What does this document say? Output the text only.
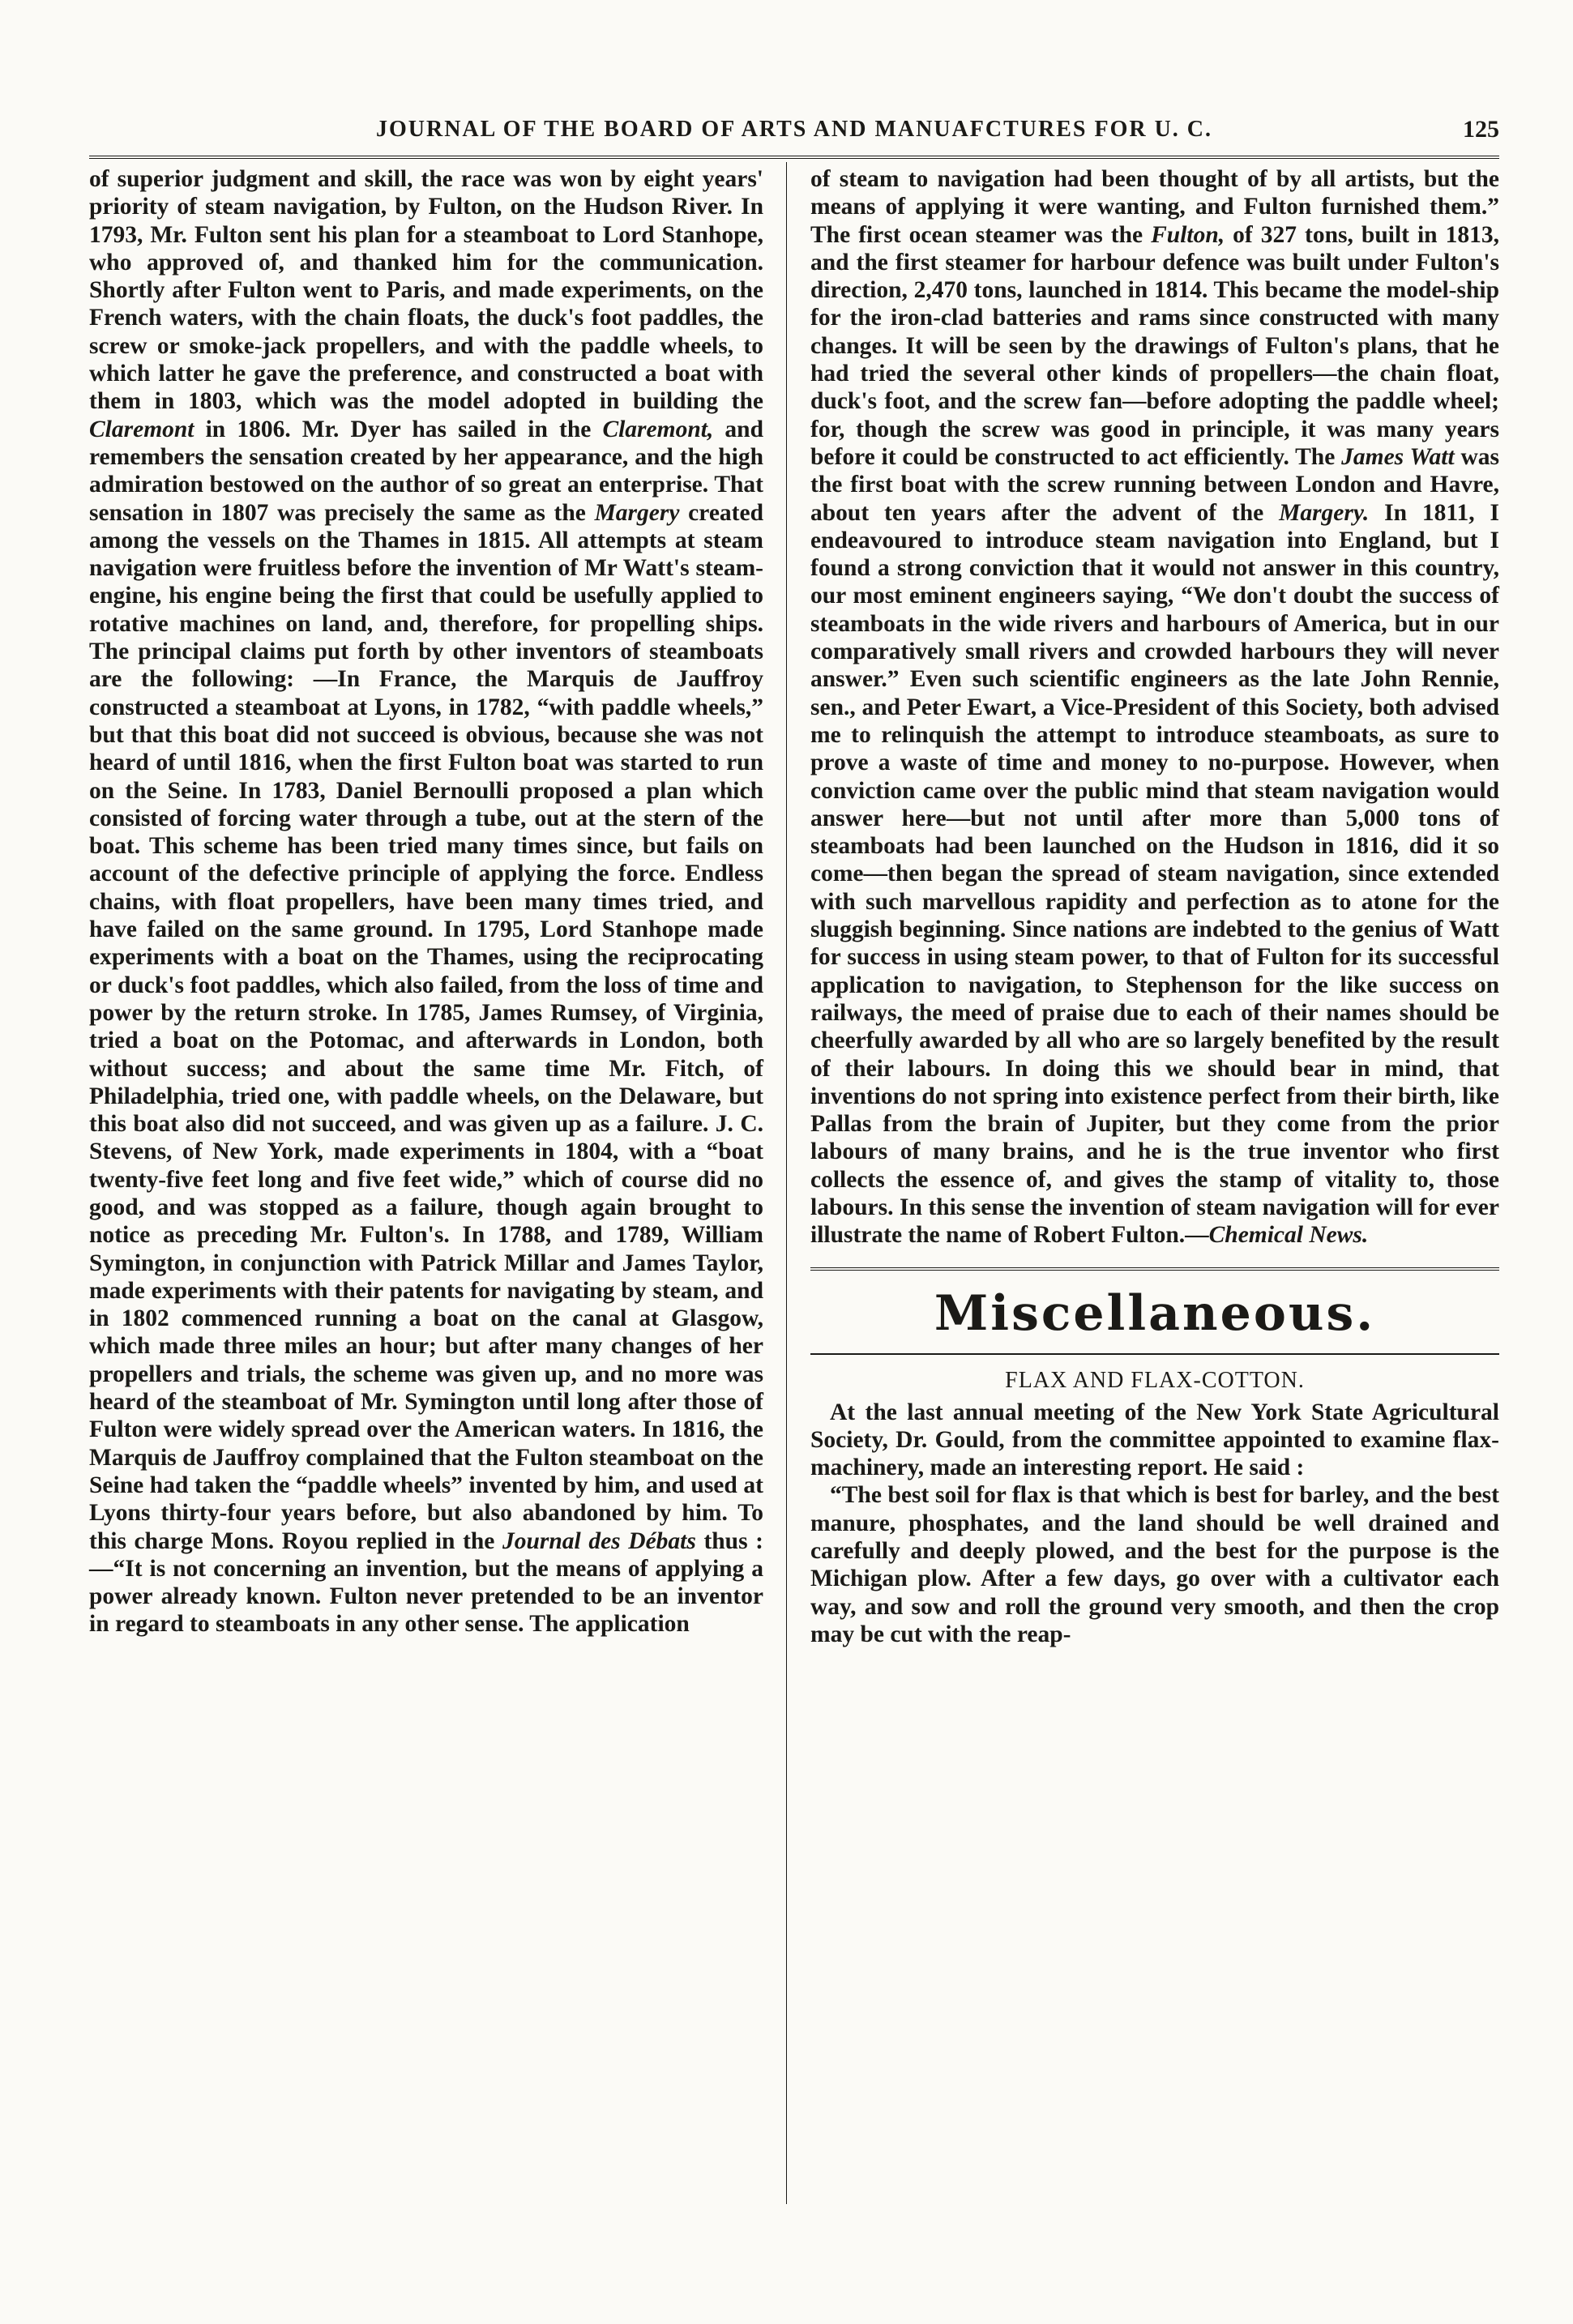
JOURNAL OF THE BOARD OF ARTS AND MANUAFCTURES FOR U. C.	125

of superior judgment and skill, the race was won by eight years' priority of steam navigation, by Fulton, on the Hudson River. In 1793, Mr. Fulton sent his plan for a steamboat to Lord Stanhope, who approved of, and thanked him for the communication. Shortly after Fulton went to Paris, and made experiments, on the French waters, with the chain floats, the duck's foot paddles, the screw or smoke-jack propellers, and with the paddle wheels, to which latter he gave the preference, and constructed a boat with them in 1803, which was the model adopted in building the Claremont in 1806. Mr. Dyer has sailed in the Claremont, and remembers the sensation created by her appearance, and the high admiration bestowed on the author of so great an enterprise. That sensation in 1807 was precisely the same as the Margery created among the vessels on the Thames in 1815. All attempts at steam navigation were fruitless before the invention of Mr Watt's steam-engine, his engine being the first that could be usefully applied to rotative machines on land, and, therefore, for propelling ships. The principal claims put forth by other inventors of steamboats are the following: —In France, the Marquis de Jauffroy constructed a steamboat at Lyons, in 1782, “with paddle wheels,” but that this boat did not succeed is obvious, because she was not heard of until 1816, when the first Fulton boat was started to run on the Seine. In 1783, Daniel Bernoulli proposed a plan which consisted of forcing water through a tube, out at the stern of the boat. This scheme has been tried many times since, but fails on account of the defective principle of applying the force. Endless chains, with float propellers, have been many times tried, and have failed on the same ground. In 1795, Lord Stanhope made experiments with a boat on the Thames, using the reciprocating or duck's foot paddles, which also failed, from the loss of time and power by the return stroke. In 1785, James Rumsey, of Virginia, tried a boat on the Potomac, and afterwards in London, both without success; and about the same time Mr. Fitch, of Philadelphia, tried one, with paddle wheels, on the Delaware, but this boat also did not succeed, and was given up as a failure. J. C. Stevens, of New York, made experiments in 1804, with a “boat twenty-five feet long and five feet wide,” which of course did no good, and was stopped as a failure, though again brought to notice as preceding Mr. Fulton's. In 1788, and 1789, William Symington, in conjunction with Patrick Millar and James Taylor, made experiments with their patents for navigating by steam, and in 1802 commenced running a boat on the canal at Glasgow, which made three miles an hour; but after many changes of her propellers and trials, the scheme was given up, and no more was heard of the steamboat of Mr. Symington until long after those of Fulton were widely spread over the American waters. In 1816, the Marquis de Jauffroy complained that the Fulton steamboat on the Seine had taken the “paddle wheels” invented by him, and used at Lyons thirty-four years before, but also abandoned by him. To this charge Mons. Royou replied in the Journal des Débats thus :—“It is not concerning an invention, but the means of applying a power already known. Fulton never pretended to be an inventor in regard to steamboats in any other sense. The application

of steam to navigation had been thought of by all artists, but the means of applying it were wanting, and Fulton furnished them.” The first ocean steamer was the Fulton, of 327 tons, built in 1813, and the first steamer for harbour defence was built under Fulton's direction, 2,470 tons, launched in 1814. This became the model-ship for the iron-clad batteries and rams since constructed with many changes. It will be seen by the drawings of Fulton's plans, that he had tried the several other kinds of propellers—the chain float, duck's foot, and the screw fan—before adopting the paddle wheel; for, though the screw was good in principle, it was many years before it could be constructed to act efficiently. The James Watt was the first boat with the screw running between London and Havre, about ten years after the advent of the Margery. In 1811, I endeavoured to introduce steam navigation into England, but I found a strong conviction that it would not answer in this country, our most eminent engineers saying, “We don't doubt the success of steamboats in the wide rivers and harbours of America, but in our comparatively small rivers and crowded harbours they will never answer.” Even such scientific engineers as the late John Rennie, sen., and Peter Ewart, a Vice-President of this Society, both advised me to relinquish the attempt to introduce steamboats, as sure to prove a waste of time and money to no-purpose. However, when conviction came over the public mind that steam navigation would answer here—but not until after more than 5,000 tons of steamboats had been launched on the Hudson in 1816, did it so come—then began the spread of steam navigation, since extended with such marvellous rapidity and perfection as to atone for the sluggish beginning. Since nations are indebted to the genius of Watt for success in using steam power, to that of Fulton for its successful application to navigation, to Stephenson for the like success on railways, the meed of praise due to each of their names should be cheerfully awarded by all who are so largely benefited by the result of their labours. In doing this we should bear in mind, that inventions do not spring into existence perfect from their birth, like Pallas from the brain of Jupiter, but they come from the prior labours of many brains, and he is the true inventor who first collects the essence of, and gives the stamp of vitality to, those labours. In this sense the invention of steam navigation will for ever illustrate the name of Robert Fulton.—Chemical News.

Miscellaneous.
FLAX AND FLAX-COTTON.

At the last annual meeting of the New York State Agricultural Society, Dr. Gould, from the committee appointed to examine flax-machinery, made an interesting report. He said :

“The best soil for flax is that which is best for barley, and the best manure, phosphates, and the land should be well drained and carefully and deeply plowed, and the best for the purpose is the Michigan plow. After a few days, go over with a cultivator each way, and sow and roll the ground very smooth, and then the crop may be cut with the reap-
